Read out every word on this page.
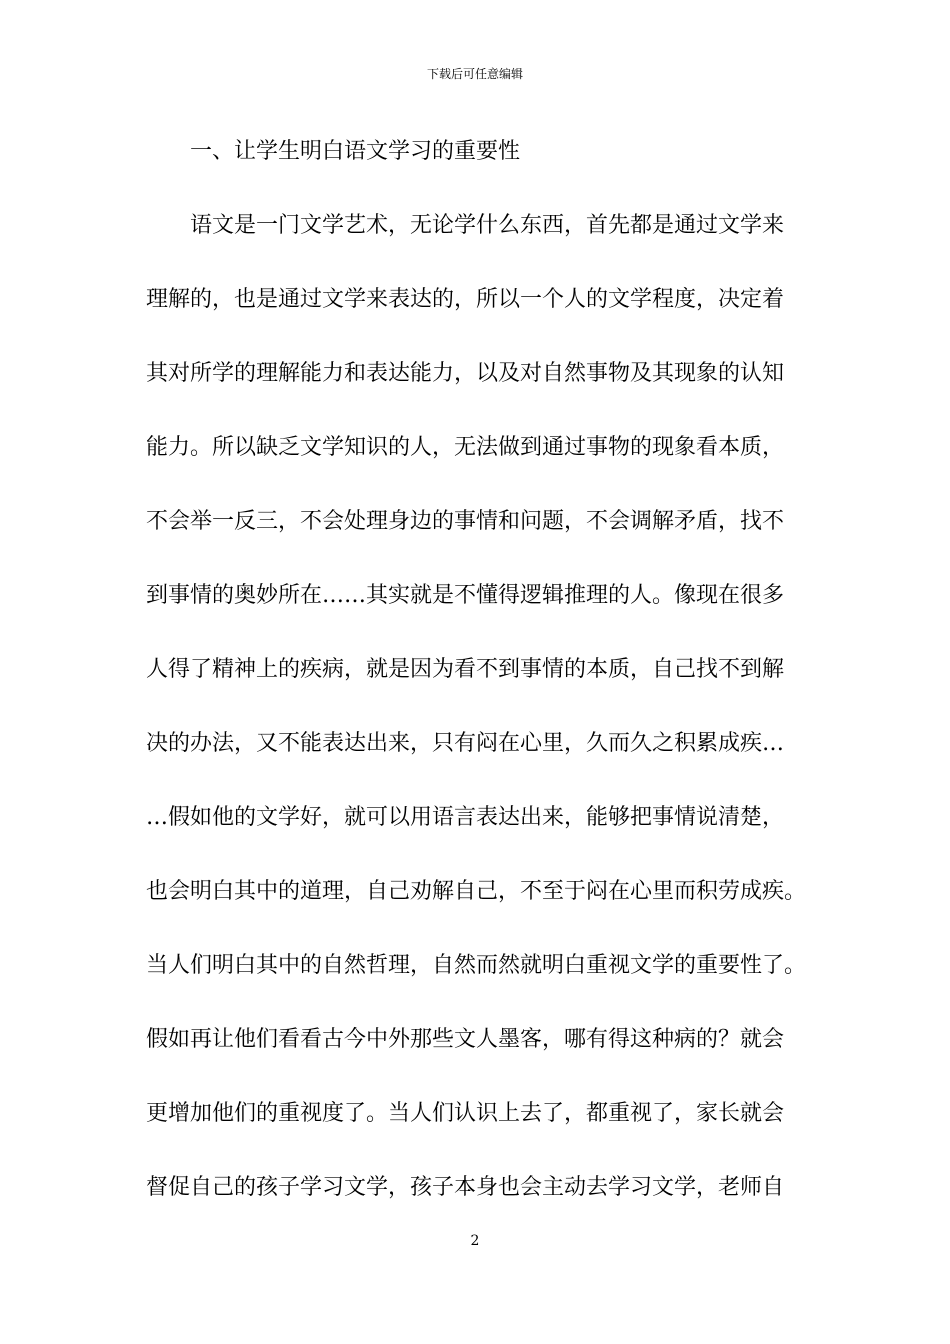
下载后可任意编辑
一、让学生明白语文学习的重要性
语文是一门文学艺术，无论学什么东西，首先都是通过文学来
理解的，也是通过文学来表达的，所以一个人的文学程度，决定着
其对所学的理解能力和表达能力，以及对自然事物及其现象的认知
能力。所以缺乏文学知识的人，无法做到通过事物的现象看本质，
不会举一反三，不会处理身边的事情和问题，不会调解矛盾，找不
到事情的奥妙所在……其实就是不懂得逻辑推理的人。像现在很多
人得了精神上的疾病，就是因为看不到事情的本质，自己找不到解
决的办法，又不能表达出来，只有闷在心里，久而久之积累成疾…
…假如他的文学好，就可以用语言表达出来，能够把事情说清楚，
也会明白其中的道理，自己劝解自己，不至于闷在心里而积劳成疾。
当人们明白其中的自然哲理，自然而然就明白重视文学的重要性了。
假如再让他们看看古今中外那些文人墨客，哪有得这种病的？就会
更增加他们的重视度了。当人们认识上去了，都重视了，家长就会
督促自己的孩子学习文学，孩子本身也会主动去学习文学，老师自
2
